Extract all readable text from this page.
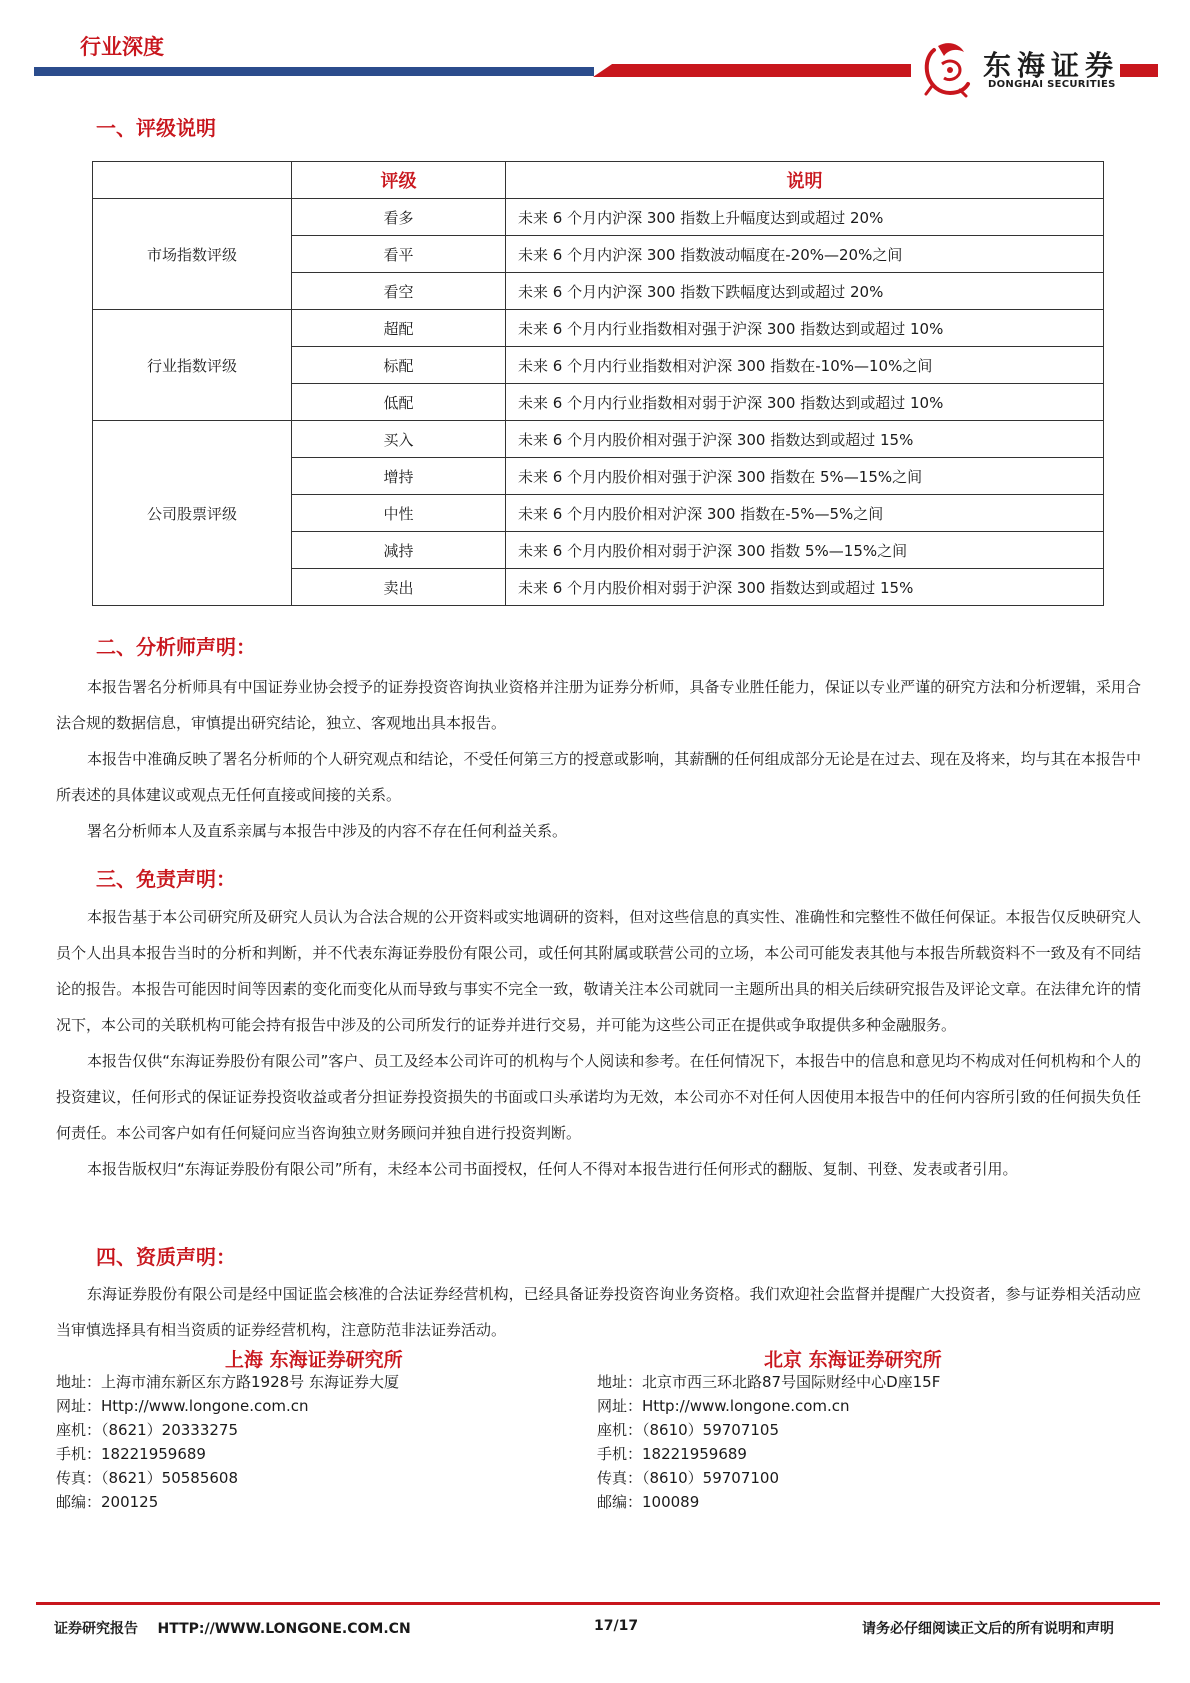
行业深度
东海证券
DONGHAI SECURITIES
一、评级说明
	评级	说明
市场指数评级	看多	未来 6 个月内沪深 300 指数上升幅度达到或超过 20%
	看平	未来 6 个月内沪深 300 指数波动幅度在-20%—20%之间
	看空	未来 6 个月内沪深 300 指数下跌幅度达到或超过 20%
行业指数评级	超配	未来 6 个月内行业指数相对强于沪深 300 指数达到或超过 10%
	标配	未来 6 个月内行业指数相对沪深 300 指数在-10%—10%之间
	低配	未来 6 个月内行业指数相对弱于沪深 300 指数达到或超过 10%
公司股票评级	买入	未来 6 个月内股价相对强于沪深 300 指数达到或超过 15%
	增持	未来 6 个月内股价相对强于沪深 300 指数在 5%—15%之间
	中性	未来 6 个月内股价相对沪深 300 指数在-5%—5%之间
	减持	未来 6 个月内股价相对弱于沪深 300 指数 5%—15%之间
	卖出	未来 6 个月内股价相对弱于沪深 300 指数达到或超过 15%
二、分析师声明：

本报告署名分析师具有中国证券业协会授予的证券投资咨询执业资格并注册为证券分析师，具备专业胜任能力，保证以专业严谨的研究方法和分析逻辑，采用合法合规的数据信息，审慎提出研究结论，独立、客观地出具本报告。

本报告中准确反映了署名分析师的个人研究观点和结论，不受任何第三方的授意或影响，其薪酬的任何组成部分无论是在过去、现在及将来，均与其在本报告中所表述的具体建议或观点无任何直接或间接的关系。

署名分析师本人及直系亲属与本报告中涉及的内容不存在任何利益关系。

三、免责声明：

本报告基于本公司研究所及研究人员认为合法合规的公开资料或实地调研的资料，但对这些信息的真实性、准确性和完整性不做任何保证。本报告仅反映研究人员个人出具本报告当时的分析和判断，并不代表东海证券股份有限公司，或任何其附属或联营公司的立场，本公司可能发表其他与本报告所载资料不一致及有不同结论的报告。本报告可能因时间等因素的变化而变化从而导致与事实不完全一致，敬请关注本公司就同一主题所出具的相关后续研究报告及评论文章。在法律允许的情况下，本公司的关联机构可能会持有报告中涉及的公司所发行的证券并进行交易，并可能为这些公司正在提供或争取提供多种金融服务。

本报告仅供“东海证券股份有限公司”客户、员工及经本公司许可的机构与个人阅读和参考。在任何情况下，本报告中的信息和意见均不构成对任何机构和个人的投资建议，任何形式的保证证券投资收益或者分担证券投资损失的书面或口头承诺均为无效，本公司亦不对任何人因使用本报告中的任何内容所引致的任何损失负任何责任。本公司客户如有任何疑问应当咨询独立财务顾问并独自进行投资判断。

本报告版权归“东海证券股份有限公司”所有，未经本公司书面授权，任何人不得对本报告进行任何形式的翻版、复制、刊登、发表或者引用。

四、资质声明：

东海证券股份有限公司是经中国证监会核准的合法证券经营机构，已经具备证券投资咨询业务资格。我们欢迎社会监督并提醒广大投资者，参与证券相关活动应当审慎选择具有相当资质的证券经营机构，注意防范非法证券活动。

上海 东海证券研究所
地址：上海市浦东新区东方路1928号 东海证券大厦
网址：Http://www.longone.com.cn
座机：（8621）20333275
手机：18221959689
传真：（8621）50585608
邮编：200125
北京 东海证券研究所
地址：北京市西三环北路87号国际财经中心D座15F
网址：Http://www.longone.com.cn
座机：（8610）59707105
手机：18221959689
传真：（8610）59707100
邮编：100089
证券研究报告    HTTP://WWW.LONGONE.COM.CN	17/17	请务必仔细阅读正文后的所有说明和声明
